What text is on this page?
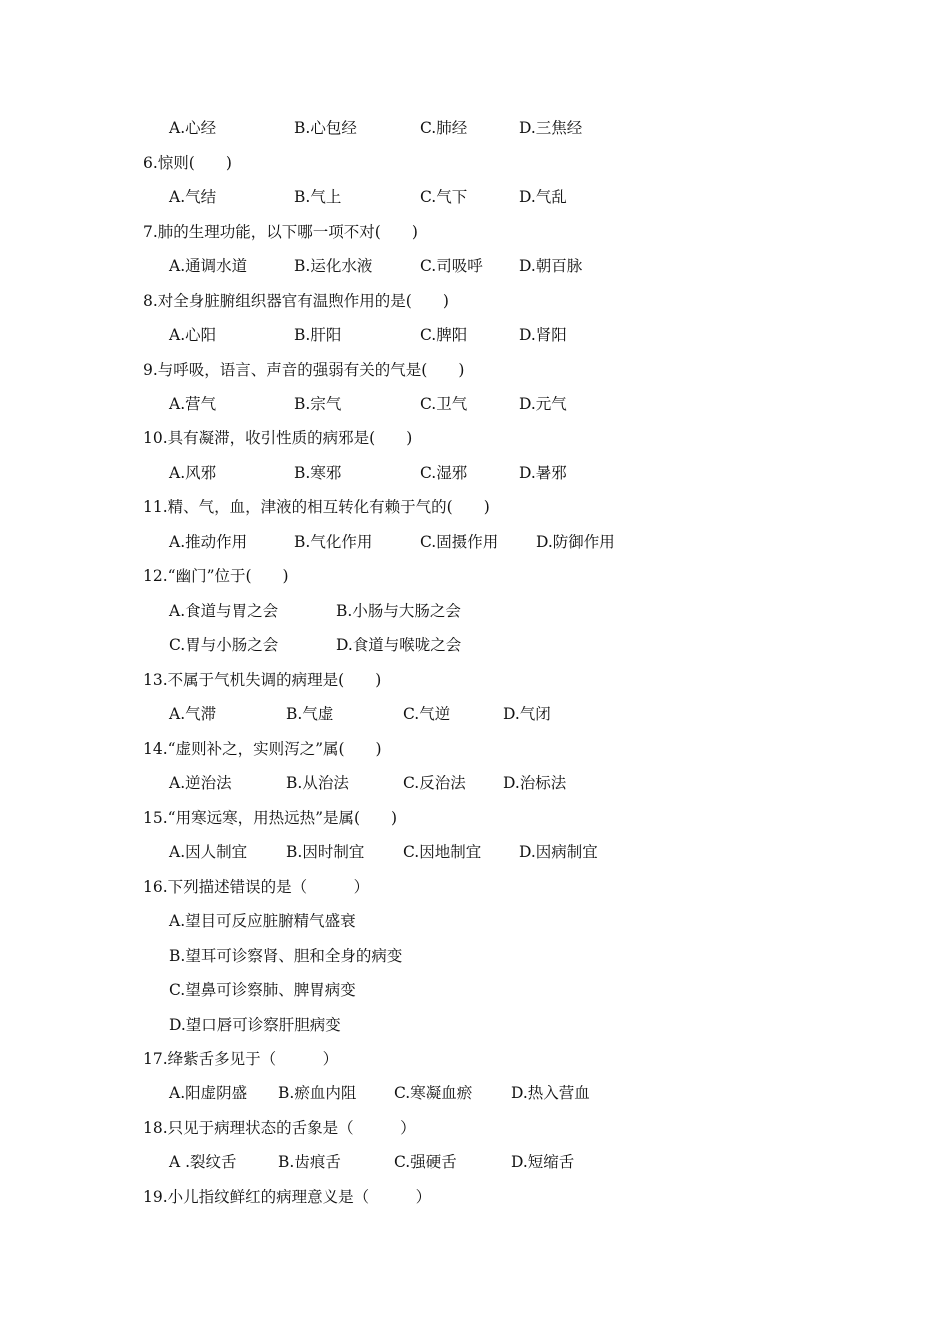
A.心经	B.心包经	C.肺经	D.三焦经
6.惊则(　　)
A.气结	B.气上	C.气下	D.气乱
7.肺的生理功能，以下哪一项不对(　　)
A.通调水道	B.运化水液	C.司吸呼 D.朝百脉
8.对全身脏腑组织器官有温煦作用的是(　　)
A.心阳	B.肝阳	C.脾阳	D.肾阳
9.与呼吸，语言、声音的强弱有关的气是(　　)
A.营气	B.宗气	C.卫气	D.元气
10.具有凝滞，收引性质的病邪是(　　)
A.风邪	B.寒邪	C.湿邪	D.暑邪
11.精、气，血，津液的相互转化有赖于气的(　　)
A.推动作用	B.气化作用	C.固摄作用 D.防御作用
12.“幽门”位于(　　)
A.食道与胃之会	B.小肠与大肠之会
C.胃与小肠之会	D.食道与喉咙之会
13.不属于气机失调的病理是(　　)
A.气滞	B.气虚	C.气逆	D.气闭
14.“虚则补之，实则泻之”属(　　)
A.逆治法	B.从治法	C.反治法 D.治标法
15.“用寒远寒，用热远热”是属(　　)
A.因人制宜	B.因时制宜 C.因地制宜 D.因病制宜
16.下列描述错误的是（　　　）
A.望目可反应脏腑精气盛衰
B.望耳可诊察肾、胆和全身的病变
C.望鼻可诊察肺、脾胃病变
D.望口唇可诊察肝胆病变
17.绛紫舌多见于（　　　）
A.阳虚阴盛 B.瘀血内阻 C.寒凝血瘀	D.热入营血
18.只见于病理状态的舌象是（　　　）
A .裂纹舌	B.齿痕舌	C.强硬舌	D.短缩舌
19.小儿指纹鲜红的病理意义是（　　　）
